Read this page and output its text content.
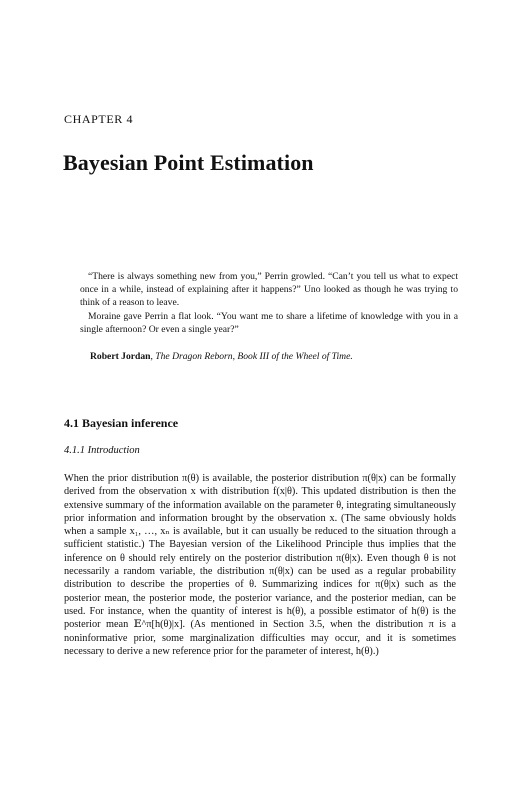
CHAPTER 4
Bayesian Point Estimation

“There is always something new from you,” Perrin growled. “Can’t you tell us what to expect once in a while, instead of explaining after it happens?” Uno looked as though he was trying to think of a reason to leave.

Moraine gave Perrin a flat look. “You want me to share a lifetime of knowledge with you in a single afternoon? Or even a single year?”

Robert Jordan, The Dragon Reborn, Book III of the Wheel of Time.
4.1 Bayesian inference
4.1.1 Introduction

When the prior distribution π(θ) is available, the posterior distribution π(θ|x) can be formally derived from the observation x with distribution f(x|θ). This updated distribution is then the extensive summary of the information available on the parameter θ, integrating simultaneously prior information and information brought by the observation x. (The same obviously holds when a sample x₁, …, xₙ is available, but it can usually be reduced to the situation through a sufficient statistic.) The Bayesian version of the Likelihood Principle thus implies that the inference on θ should rely entirely on the posterior distribution π(θ|x). Even though θ is not necessarily a random variable, the distribution π(θ|x) can be used as a regular probability distribution to describe the properties of θ. Summarizing indices for π(θ|x) such as the posterior mean, the posterior mode, the posterior variance, and the posterior median, can be used. For instance, when the quantity of interest is h(θ), a possible estimator of h(θ) is the posterior mean 𝔼^π[h(θ)|x]. (As mentioned in Section 3.5, when the distribution π is a noninformative prior, some marginalization difficulties may occur, and it is sometimes necessary to derive a new reference prior for the parameter of interest, h(θ).)
